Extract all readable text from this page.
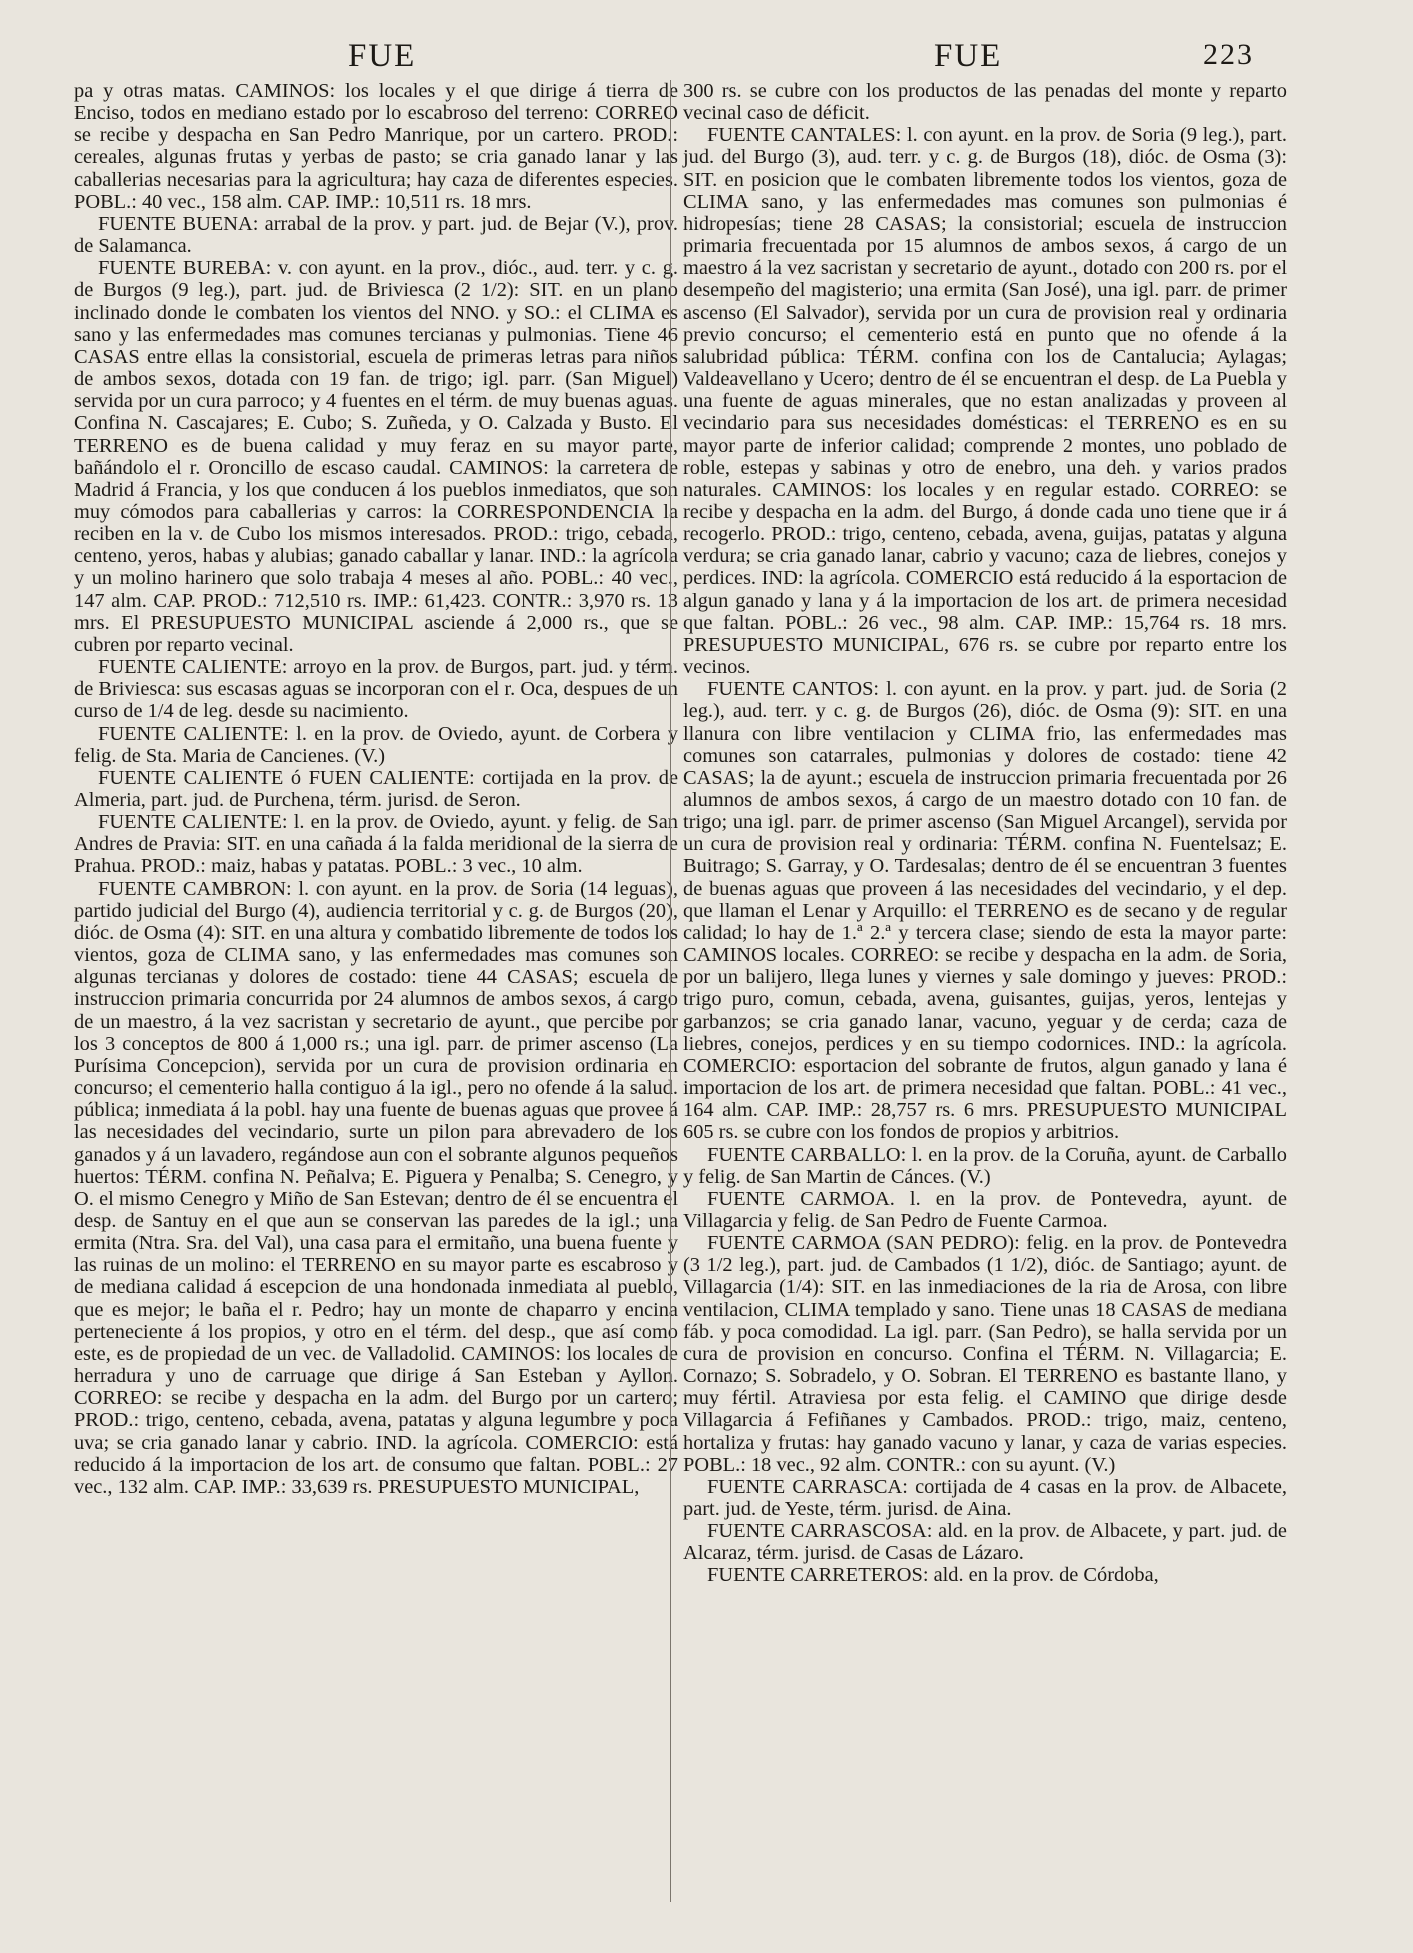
FUE	FUE	223

pa y otras matas. CAMINOS: los locales y el que dirige á tierra de Enciso, todos en mediano estado por lo escabroso del terreno: CORREO se recibe y despacha en San Pedro Manrique, por un cartero. PROD.: cereales, algunas frutas y yerbas de pasto; se cria ganado lanar y las caballerias necesarias para la agricultura; hay caza de diferentes especies. POBL.: 40 vec., 158 alm. CAP. IMP.: 10,511 rs. 18 mrs.

FUENTE BUENA: arrabal de la prov. y part. jud. de Bejar (V.), prov. de Salamanca.

FUENTE BUREBA: v. con ayunt. en la prov., dióc., aud. terr. y c. g. de Burgos (9 leg.), part. jud. de Briviesca (2 1/2): SIT. en un plano inclinado donde le combaten los vientos del NNO. y SO.: el CLIMA es sano y las enfermedades mas comunes tercianas y pulmonias. Tiene 46 CASAS entre ellas la consistorial, escuela de primeras letras para niños de ambos sexos, dotada con 19 fan. de trigo; igl. parr. (San Miguel) servida por un cura parroco; y 4 fuentes en el térm. de muy buenas aguas. Confina N. Cascajares; E. Cubo; S. Zuñeda, y O. Calzada y Busto. El TERRENO es de buena calidad y muy feraz en su mayor parte, bañándolo el r. Oroncillo de escaso caudal. CAMINOS: la carretera de Madrid á Francia, y los que conducen á los pueblos inmediatos, que son muy cómodos para caballerias y carros: la CORRESPONDENCIA la reciben en la v. de Cubo los mismos interesados. PROD.: trigo, cebada, centeno, yeros, habas y alubias; ganado caballar y lanar. IND.: la agrícola y un molino harinero que solo trabaja 4 meses al año. POBL.: 40 vec., 147 alm. CAP. PROD.: 712,510 rs. IMP.: 61,423. CONTR.: 3,970 rs. 13 mrs. El PRESUPUESTO MUNICIPAL asciende á 2,000 rs., que se cubren por reparto vecinal.

FUENTE CALIENTE: arroyo en la prov. de Burgos, part. jud. y térm. de Briviesca: sus escasas aguas se incorporan con el r. Oca, despues de un curso de 1/4 de leg. desde su nacimiento.

FUENTE CALIENTE: l. en la prov. de Oviedo, ayunt. de Corbera y felig. de Sta. Maria de Cancienes. (V.)

FUENTE CALIENTE ó FUEN CALIENTE: cortijada en la prov. de Almeria, part. jud. de Purchena, térm. jurisd. de Seron.

FUENTE CALIENTE: l. en la prov. de Oviedo, ayunt. y felig. de San Andres de Pravia: SIT. en una cañada á la falda meridional de la sierra de Prahua. PROD.: maiz, habas y patatas. POBL.: 3 vec., 10 alm.

FUENTE CAMBRON: l. con ayunt. en la prov. de Soria (14 leguas), partido judicial del Burgo (4), audiencia territorial y c. g. de Burgos (20), dióc. de Osma (4): SIT. en una altura y combatido libremente de todos los vientos, goza de CLIMA sano, y las enfermedades mas comunes son algunas tercianas y dolores de costado: tiene 44 CASAS; escuela de instruccion primaria concurrida por 24 alumnos de ambos sexos, á cargo de un maestro, á la vez sacristan y secretario de ayunt., que percibe por los 3 conceptos de 800 á 1,000 rs.; una igl. parr. de primer ascenso (La Purísima Concepcion), servida por un cura de provision ordinaria en concurso; el cementerio halla contiguo á la igl., pero no ofende á la salud. pública; inmediata á la pobl. hay una fuente de buenas aguas que provee á las necesidades del vecindario, surte un pilon para abrevadero de los ganados y á un lavadero, regándose aun con el sobrante algunos pequeños huertos: TÉRM. confina N. Peñalva; E. Piguera y Penalba; S. Cenegro, y O. el mismo Cenegro y Miño de San Estevan; dentro de él se encuentra el desp. de Santuy en el que aun se conservan las paredes de la igl.; una ermita (Ntra. Sra. del Val), una casa para el ermitaño, una buena fuente y las ruinas de un molino: el TERRENO en su mayor parte es escabroso y de mediana calidad á escepcion de una hondonada inmediata al pueblo, que es mejor; le baña el r. Pedro; hay un monte de chaparro y encina perteneciente á los propios, y otro en el térm. del desp., que así como este, es de propiedad de un vec. de Valladolid. CAMINOS: los locales de herradura y uno de carruage que dirige á San Esteban y Ayllon. CORREO: se recibe y despacha en la adm. del Burgo por un cartero; PROD.: trigo, centeno, cebada, avena, patatas y alguna legumbre y poca uva; se cria ganado lanar y cabrio. IND. la agrícola. COMERCIO: está reducido á la importacion de los art. de consumo que faltan. POBL.: 27 vec., 132 alm. CAP. IMP.: 33,639 rs. PRESUPUESTO MUNICIPAL,

300 rs. se cubre con los productos de las penadas del monte y reparto vecinal caso de déficit.

FUENTE CANTALES: l. con ayunt. en la prov. de Soria (9 leg.), part. jud. del Burgo (3), aud. terr. y c. g. de Burgos (18), dióc. de Osma (3): SIT. en posicion que le combaten libremente todos los vientos, goza de CLIMA sano, y las enfermedades mas comunes son pulmonias é hidropesías; tiene 28 CASAS; la consistorial; escuela de instruccion primaria frecuentada por 15 alumnos de ambos sexos, á cargo de un maestro á la vez sacristan y secretario de ayunt., dotado con 200 rs. por el desempeño del magisterio; una ermita (San José), una igl. parr. de primer ascenso (El Salvador), servida por un cura de provision real y ordinaria previo concurso; el cementerio está en punto que no ofende á la salubridad pública: TÉRM. confina con los de Cantalucia; Aylagas; Valdeavellano y Ucero; dentro de él se encuentran el desp. de La Puebla y una fuente de aguas minerales, que no estan analizadas y proveen al vecindario para sus necesidades domésticas: el TERRENO es en su mayor parte de inferior calidad; comprende 2 montes, uno poblado de roble, estepas y sabinas y otro de enebro, una deh. y varios prados naturales. CAMINOS: los locales y en regular estado. CORREO: se recibe y despacha en la adm. del Burgo, á donde cada uno tiene que ir á recogerlo. PROD.: trigo, centeno, cebada, avena, guijas, patatas y alguna verdura; se cria ganado lanar, cabrio y vacuno; caza de liebres, conejos y perdices. IND: la agrícola. COMERCIO está reducido á la esportacion de algun ganado y lana y á la importacion de los art. de primera necesidad que faltan. POBL.: 26 vec., 98 alm. CAP. IMP.: 15,764 rs. 18 mrs. PRESUPUESTO MUNICIPAL, 676 rs. se cubre por reparto entre los vecinos.

FUENTE CANTOS: l. con ayunt. en la prov. y part. jud. de Soria (2 leg.), aud. terr. y c. g. de Burgos (26), dióc. de Osma (9): SIT. en una llanura con libre ventilacion y CLIMA frio, las enfermedades mas comunes son catarrales, pulmonias y dolores de costado: tiene 42 CASAS; la de ayunt.; escuela de instruccion primaria frecuentada por 26 alumnos de ambos sexos, á cargo de un maestro dotado con 10 fan. de trigo; una igl. parr. de primer ascenso (San Miguel Arcangel), servida por un cura de provision real y ordinaria: TÉRM. confina N. Fuentelsaz; E. Buitrago; S. Garray, y O. Tardesalas; dentro de él se encuentran 3 fuentes de buenas aguas que proveen á las necesidades del vecindario, y el dep. que llaman el Lenar y Arquillo: el TERRENO es de secano y de regular calidad; lo hay de 1.ª 2.ª y tercera clase; siendo de esta la mayor parte: CAMINOS locales. CORREO: se recibe y despacha en la adm. de Soria, por un balijero, llega lunes y viernes y sale domingo y jueves: PROD.: trigo puro, comun, cebada, avena, guisantes, guijas, yeros, lentejas y garbanzos; se cria ganado lanar, vacuno, yeguar y de cerda; caza de liebres, conejos, perdices y en su tiempo codornices. IND.: la agrícola. COMERCIO: esportacion del sobrante de frutos, algun ganado y lana é importacion de los art. de primera necesidad que faltan. POBL.: 41 vec., 164 alm. CAP. IMP.: 28,757 rs. 6 mrs. PRESUPUESTO MUNICIPAL 605 rs. se cubre con los fondos de propios y arbitrios.

FUENTE CARBALLO: l. en la prov. de la Coruña, ayunt. de Carballo y felig. de San Martin de Cánces. (V.)

FUENTE CARMOA. l. en la prov. de Pontevedra, ayunt. de Villagarcia y felig. de San Pedro de Fuente Carmoa.

FUENTE CARMOA (SAN PEDRO): felig. en la prov. de Pontevedra (3 1/2 leg.), part. jud. de Cambados (1 1/2), dióc. de Santiago; ayunt. de Villagarcia (1/4): SIT. en las inmediaciones de la ria de Arosa, con libre ventilacion, CLIMA templado y sano. Tiene unas 18 CASAS de mediana fáb. y poca comodidad. La igl. parr. (San Pedro), se halla servida por un cura de provision en concurso. Confina el TÉRM. N. Villagarcia; E. Cornazo; S. Sobradelo, y O. Sobran. El TERRENO es bastante llano, y muy fértil. Atraviesa por esta felig. el CAMINO que dirige desde Villagarcia á Fefiñanes y Cambados. PROD.: trigo, maiz, centeno, hortaliza y frutas: hay ganado vacuno y lanar, y caza de varias especies. POBL.: 18 vec., 92 alm. CONTR.: con su ayunt. (V.)

FUENTE CARRASCA: cortijada de 4 casas en la prov. de Albacete, part. jud. de Yeste, térm. jurisd. de Aina.

FUENTE CARRASCOSA: ald. en la prov. de Albacete, y part. jud. de Alcaraz, térm. jurisd. de Casas de Lázaro.

FUENTE CARRETEROS: ald. en la prov. de Córdoba,
